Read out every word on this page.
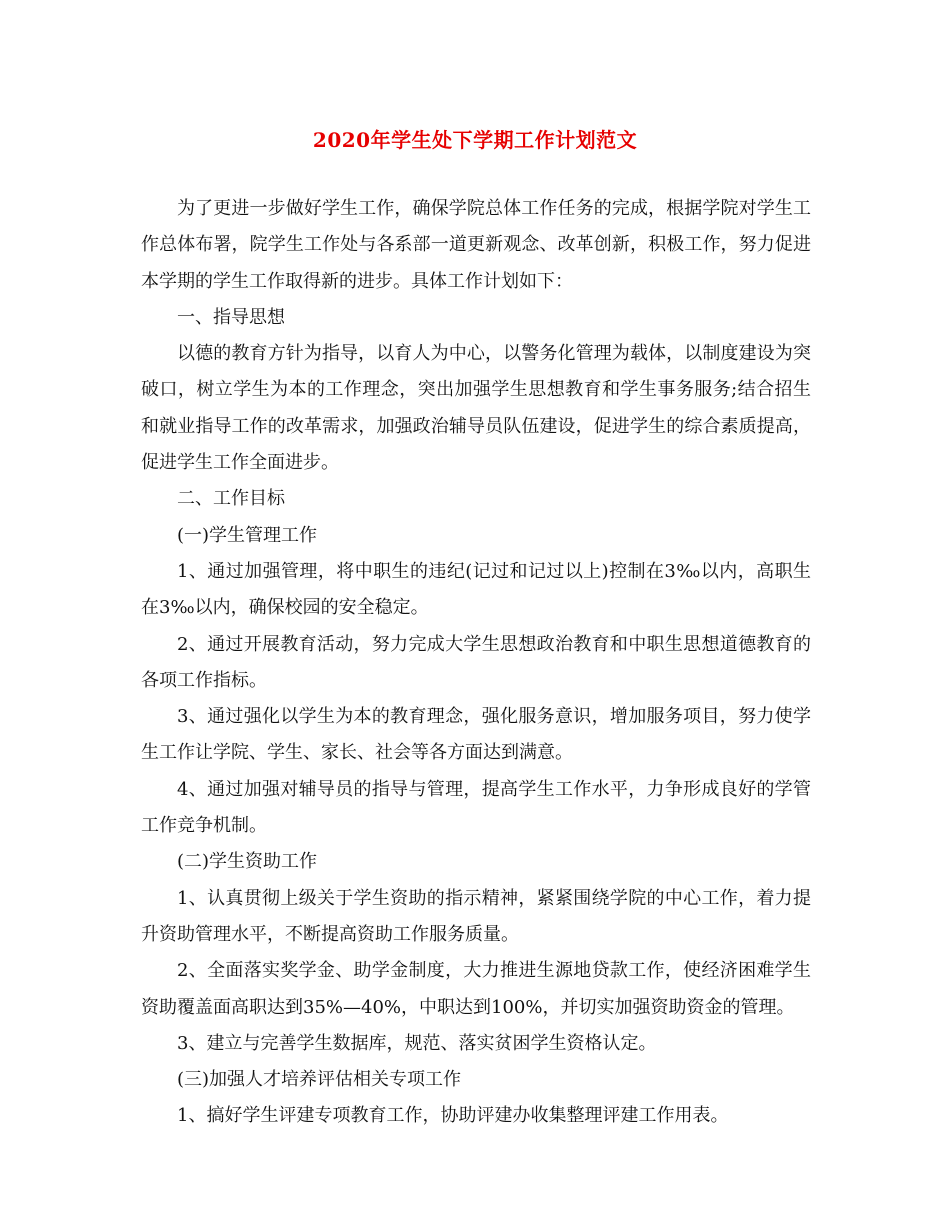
2020年学生处下学期工作计划范文

为了更进一步做好学生工作，确保学院总体工作任务的完成，根据学院对学生工作总体布署，院学生工作处与各系部一道更新观念、改革创新，积极工作，努力促进本学期的学生工作取得新的进步。具体工作计划如下：

一、指导思想

以德的教育方针为指导，以育人为中心，以警务化管理为载体，以制度建设为突破口，树立学生为本的工作理念，突出加强学生思想教育和学生事务服务;结合招生和就业指导工作的改革需求，加强政治辅导员队伍建设，促进学生的综合素质提高，促进学生工作全面进步。

二、工作目标

(一)学生管理工作

1、通过加强管理，将中职生的违纪(记过和记过以上)控制在3‰以内，高职生在3‰以内，确保校园的安全稳定。

2、通过开展教育活动，努力完成大学生思想政治教育和中职生思想道德教育的各项工作指标。

3、通过强化以学生为本的教育理念，强化服务意识，增加服务项目，努力使学生工作让学院、学生、家长、社会等各方面达到满意。

4、通过加强对辅导员的指导与管理，提高学生工作水平，力争形成良好的学管工作竞争机制。

(二)学生资助工作

1、认真贯彻上级关于学生资助的指示精神，紧紧围绕学院的中心工作，着力提升资助管理水平，不断提高资助工作服务质量。

2、全面落实奖学金、助学金制度，大力推进生源地贷款工作，使经济困难学生资助覆盖面高职达到35%—40%，中职达到100%，并切实加强资助资金的管理。

3、建立与完善学生数据库，规范、落实贫困学生资格认定。

(三)加强人才培养评估相关专项工作

1、搞好学生评建专项教育工作，协助评建办收集整理评建工作用表。
